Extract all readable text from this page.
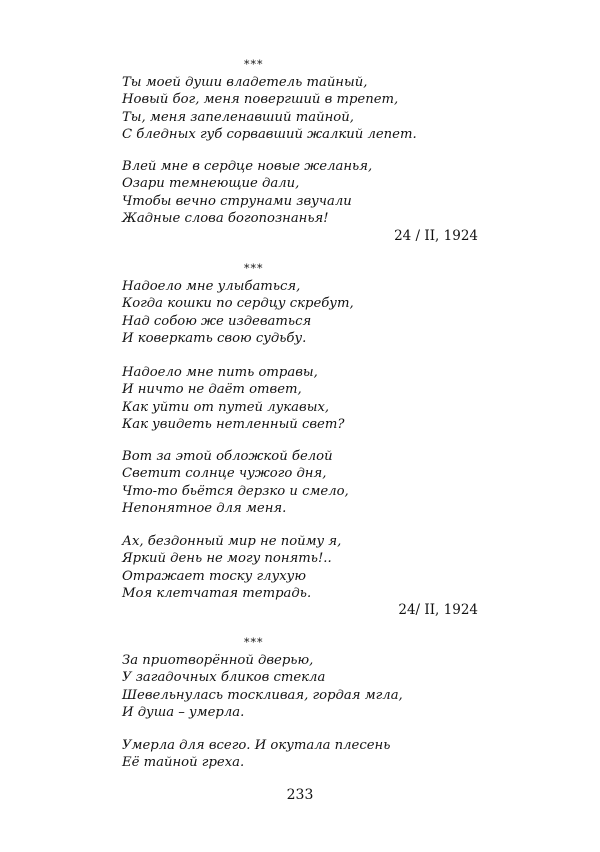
***
Ты моей души владетель тайный,
Новый бог, меня повергший в трепет,
Ты, меня запеленавший тайной,
С бледных губ сорвавший жалкий лепет.
Влей мне в сердце новые желанья,
Озари темнеющие дали,
Чтобы вечно струнами звучали
Жадные слова богопознанья!
24 / II, 1924
***
Надоело мне улыбаться,
Когда кошки по сердцу скребут,
Над собою же издеваться
И коверкать свою судьбу.
Надоело мне пить отравы,
И ничто не даёт ответ,
Как уйти от путей лукавых,
Как увидеть нетленный свет?
Вот за этой обложкой белой
Светит солнце чужого дня,
Что-то бьётся дерзко и смело,
Непонятное для меня.
Ах, бездонный мир не пойму я,
Яркий день не могу понять!..
Отражает тоску глухую
Моя клетчатая тетрадь.
24/ II, 1924
***
За приотворённой дверью,
У загадочных бликов стекла
Шевельнулась тоскливая, гордая мгла,
И душа – умерла.
Умерла для всего. И окутала плесень
Её тайной греха.
233
